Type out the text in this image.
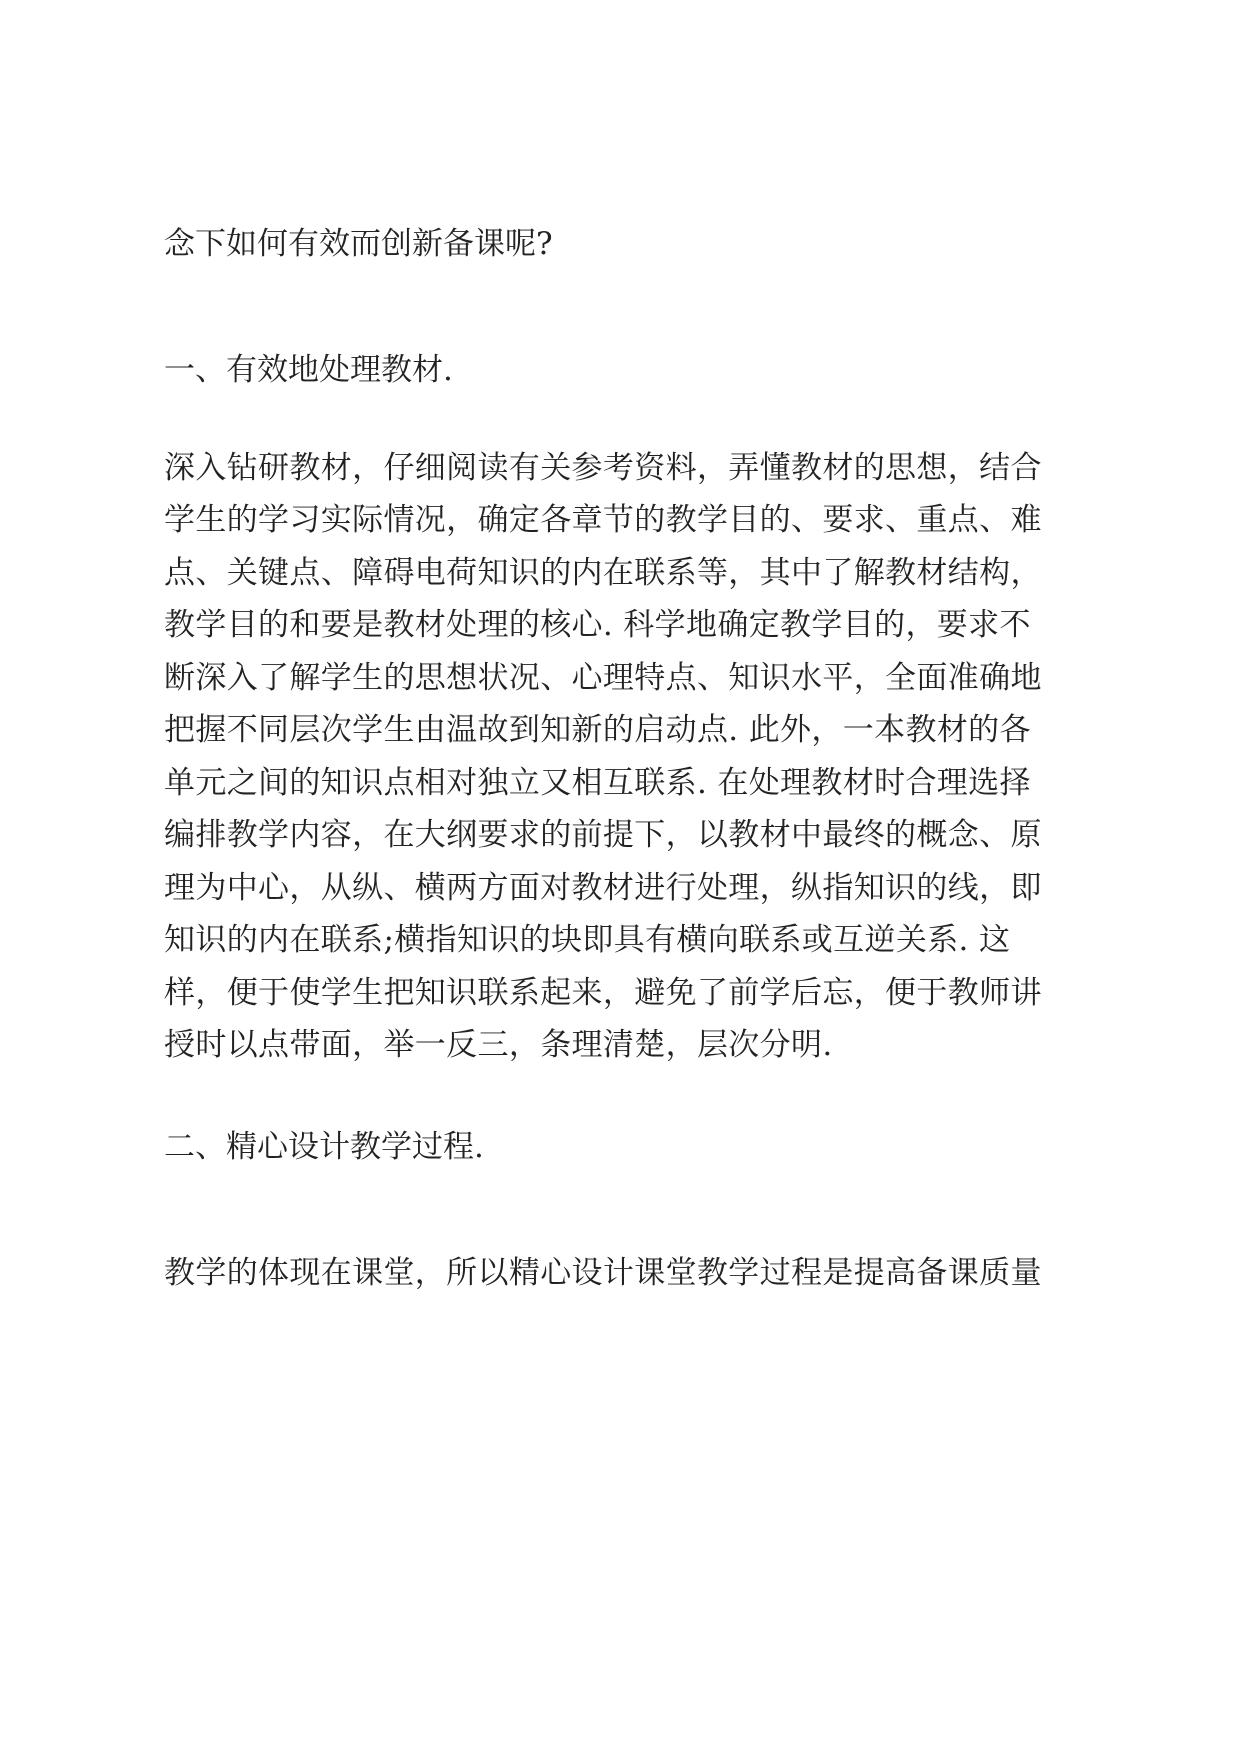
念下如何有效而创新备课呢?
一、有效地处理教材.
深入钻研教材，仔细阅读有关参考资料，弄懂教材的思想，结合
学生的学习实际情况，确定各章节的教学目的、要求、重点、难
点、关键点、障碍电荷知识的内在联系等，其中了解教材结构，
教学目的和要是教材处理的核心. 科学地确定教学目的，要求不
断深入了解学生的思想状况、心理特点、知识水平，全面准确地
把握不同层次学生由温故到知新的启动点. 此外，一本教材的各
单元之间的知识点相对独立又相互联系. 在处理教材时合理选择
编排教学内容，在大纲要求的前提下，以教材中最终的概念、原
理为中心，从纵、横两方面对教材进行处理，纵指知识的线，即
知识的内在联系;横指知识的块即具有横向联系或互逆关系. 这
样，便于使学生把知识联系起来，避免了前学后忘，便于教师讲
授时以点带面，举一反三，条理清楚，层次分明.
二、精心设计教学过程.
教学的体现在课堂，所以精心设计课堂教学过程是提高备课质量
